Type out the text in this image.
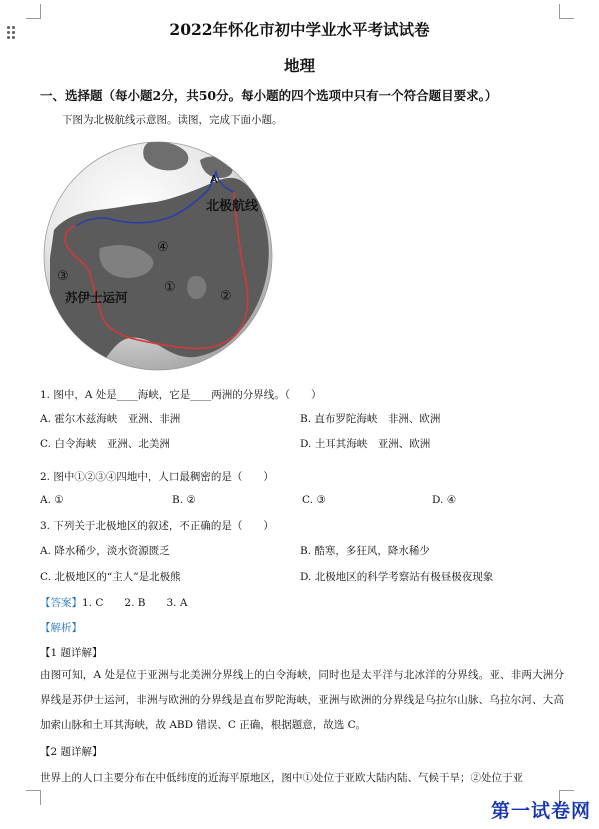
2022年怀化市初中学业水平考试试卷
地理
一、选择题（每小题2分，共50分。每小题的四个选项中只有一个符合题目要求。）
下图为北极航线示意图。读图，完成下面小题。
A
北极航线
苏伊士运河
①
②
③
④
1. 图中，A 处是____海峡，它是____两洲的分界线。（　　）
A. 霍尔木兹海峡　亚洲、非洲	B. 直布罗陀海峡　非洲、欧洲
C. 白令海峡　亚洲、北美洲	D. 土耳其海峡　亚洲、欧洲
2. 图中①②③④四地中，人口最稠密的是（　　）
A. ①	B. ②	C. ③	D. ④
3. 下列关于北极地区的叙述，不正确的是（　　）
A. 降水稀少，淡水资源匮乏	B. 酷寒，多狂风，降水稀少
C. 北极地区的“主人”是北极熊	D. 北极地区的科学考察站有极昼极夜现象
【答案】1. C　　2. B　　3. A
【解析】
【1 题详解】
由图可知，A 处是位于亚洲与北美洲分界线上的白令海峡，同时也是太平洋与北冰洋的分界线。亚、非两大洲分界线是苏伊士运河，非洲与欧洲的分界线是直布罗陀海峡，亚洲与欧洲的分界线是乌拉尔山脉、乌拉尔河、大高加索山脉和土耳其海峡，故 ABD 错误、C 正确，根据题意，故选 C。
【2 题详解】
世界上的人口主要分布在中低纬度的近海平原地区，图中①处位于亚欧大陆内陆、气候干旱；②处位于亚
第一试卷网
